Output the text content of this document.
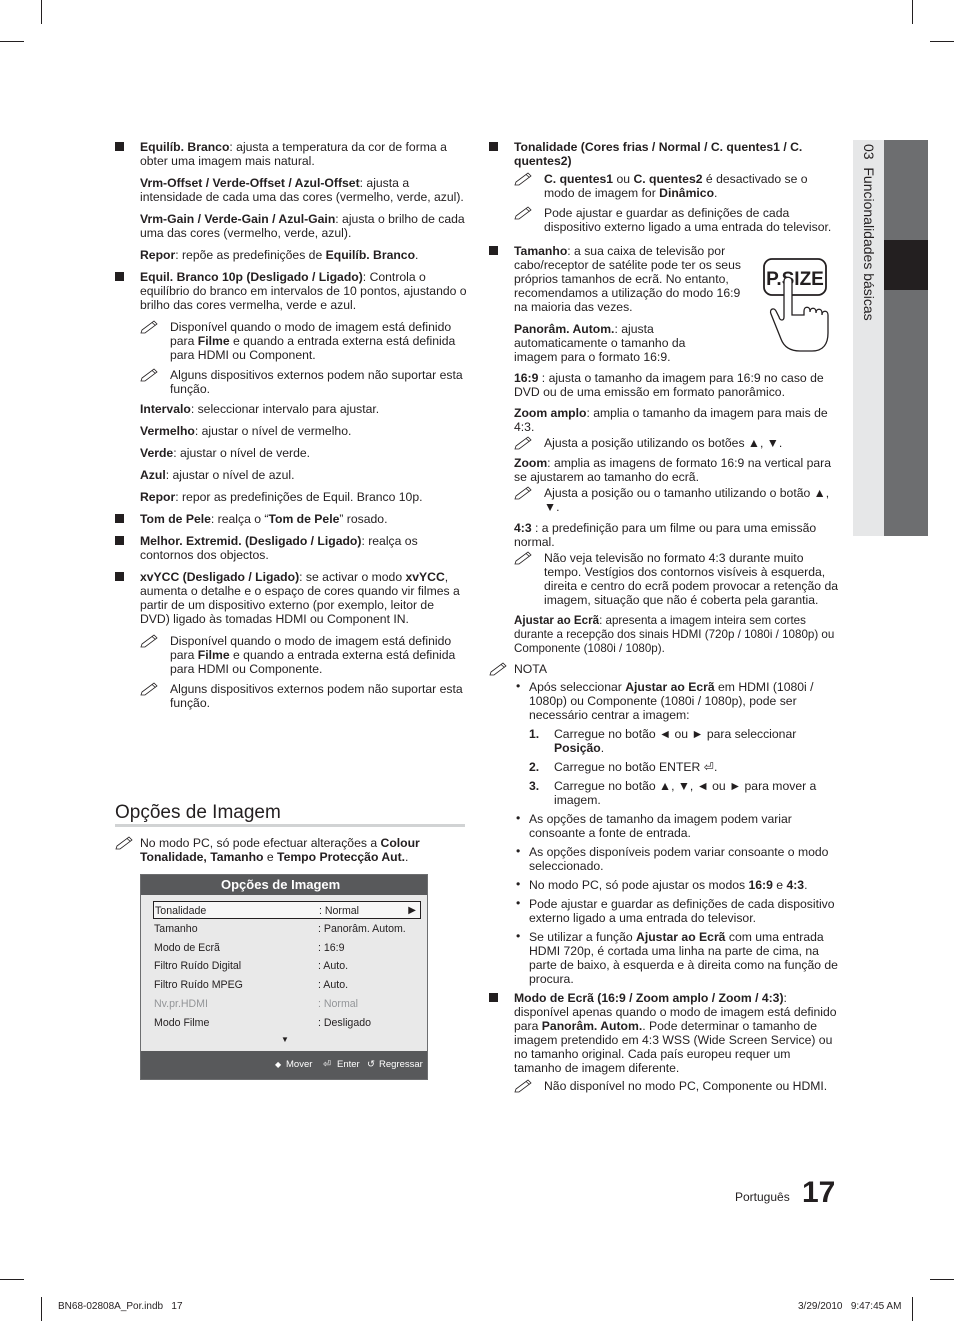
Equilíb. Branco: ajusta a temperatura da cor de forma a obter uma imagem mais natural.
Vrm-Offset / Verde-Offset / Azul-Offset: ajusta a intensidade de cada uma das cores (vermelho, verde, azul).
Vrm-Gain / Verde-Gain / Azul-Gain: ajusta o brilho de cada uma das cores (vermelho, verde, azul).
Repor: repõe as predefinições de Equilíb. Branco.
Equil. Branco 10p (Desligado / Ligado): Controla o equilíbrio do branco em intervalos de 10 pontos, ajustando o brilho das cores vermelha, verde e azul.
Disponível quando o modo de imagem está definido para Filme e quando a entrada externa está definida para HDMI ou Component.
Alguns dispositivos externos podem não suportar esta função.
Intervalo: seleccionar intervalo para ajustar.
Vermelho: ajustar o nível de vermelho.
Verde: ajustar o nível de verde.
Azul: ajustar o nível de azul.
Repor: repor as predefinições de Equil. Branco 10p.
Tom de Pele: realça o “Tom de Pele” rosado.
Melhor. Extremid. (Desligado / Ligado): realça os contornos dos objectos.
xvYCC (Desligado / Ligado): se activar o modo xvYCC, aumenta o detalhe e o espaço de cores quando vir filmes a partir de um dispositivo externo (por exemplo, leitor de DVD) ligado às tomadas HDMI ou Component IN.
Disponível quando o modo de imagem está definido para Filme e quando a entrada externa está definida para HDMI ou Componente.
Alguns dispositivos externos podem não suportar esta função.
Opções de Imagem
No modo PC, só pode efectuar alterações a Colour Tonalidade, Tamanho e Tempo Protecção Aut..
Opções de Imagem
Tonalidade	: Normal	▶
Tamanho	: Panorâm. Autom.
Modo de Ecrã	: 16:9
Filtro Ruído Digital	: Auto.
Filtro Ruído MPEG	: Auto.
Nv.pr.HDMI	: Normal
Modo Filme	: Desligado
▼
◆ Mover ⏎ Enter ↺ Regressar
Tonalidade (Cores frias / Normal / C. quentes1 / C. quentes2)
C. quentes1 ou C. quentes2 é desactivado se o modo de imagem for Dinâmico.
Pode ajustar e guardar as definições de cada dispositivo externo ligado a uma entrada do televisor.
Tamanho: a sua caixa de televisão por cabo/receptor de satélite pode ter os seus próprios tamanhos de ecrã. No entanto, recomendamos a utilização do modo 16:9 na maioria das vezes.
Panorâm. Autom.: ajusta automaticamente o tamanho da imagem para o formato 16:9.
16:9 : ajusta o tamanho da imagem para 16:9 no caso de DVD ou de uma emissão em formato panorâmico.
Zoom amplo: amplia o tamanho da imagem para mais de 4:3.
Ajusta a posição utilizando os botões ▲, ▼.
Zoom: amplia as imagens de formato 16:9 na vertical para se ajustarem ao tamanho do ecrã.
Ajusta a posição ou o tamanho utilizando o botão ▲, ▼.
4:3 : a predefinição para um filme ou para uma emissão normal.
Não veja televisão no formato 4:3 durante muito tempo. Vestígios dos contornos visíveis à esquerda, direita e centro do ecrã podem provocar a retenção da imagem, situação que não é coberta pela garantia.
Ajustar ao Ecrã: apresenta a imagem inteira sem cortes durante a recepção dos sinais HDMI (720p / 1080i / 1080p) ou Componente (1080i / 1080p).
NOTA
• Após seleccionar Ajustar ao Ecrã em HDMI (1080i / 1080p) ou Componente (1080i / 1080p), pode ser necessário centrar a imagem:
1. Carregue no botão ◄ ou ► para seleccionar Posição.
2. Carregue no botão ENTER ⏎.
3. Carregue no botão ▲, ▼, ◄ ou ► para mover a imagem.
• As opções de tamanho da imagem podem variar consoante a fonte de entrada.
• As opções disponíveis podem variar consoante o modo seleccionado.
• No modo PC, só pode ajustar os modos 16:9 e 4:3.
• Pode ajustar e guardar as definições de cada dispositivo externo ligado a uma entrada do televisor.
• Se utilizar a função Ajustar ao Ecrã com uma entrada HDMI 720p, é cortada uma linha na parte de cima, na parte de baixo, à esquerda e à direita como na função de procura.
Modo de Ecrã (16:9 / Zoom amplo / Zoom / 4:3): disponível apenas quando o modo de imagem está definido para Panorâm. Autom.. Pode determinar o tamanho de imagem pretendido em 4:3 WSS (Wide Screen Service) ou no tamanho original. Cada país europeu requer um tamanho de imagem diferente.
Não disponível no modo PC, Componente ou HDMI.
P.SIZE
03  Funcionalidades básicas
Português 17
BN68-02808A_Por.indb   17	3/29/2010   9:47:45 AM
